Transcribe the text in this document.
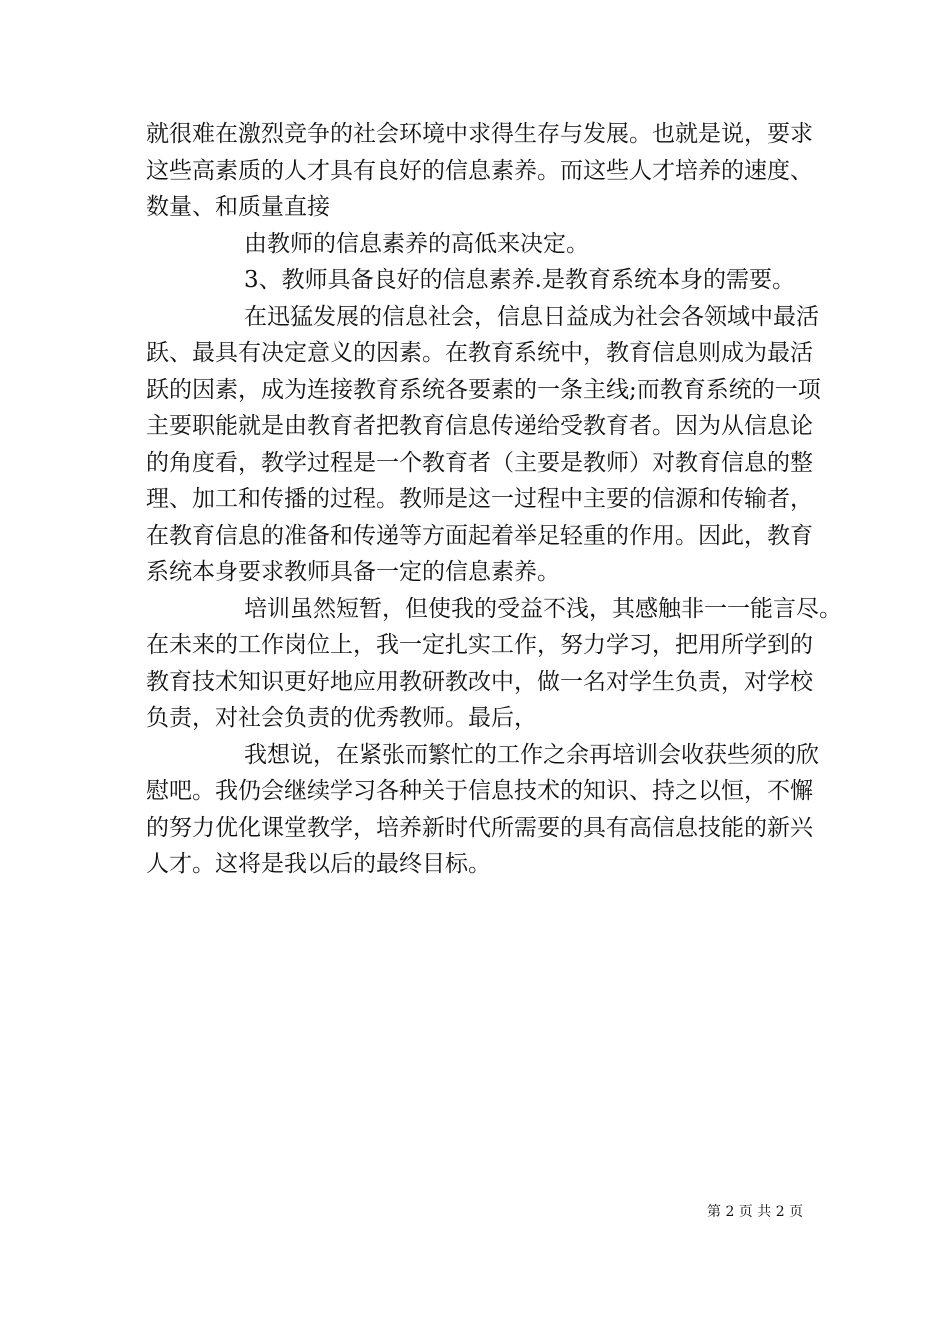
就很难在激烈竞争的社会环境中求得生存与发展。也就是说，要求

这些高素质的人才具有良好的信息素养。而这些人才培养的速度、

数量、和质量直接

由教师的信息素养的高低来决定。

3、教师具备良好的信息素养.是教育系统本身的需要。

在迅猛发展的信息社会，信息日益成为社会各领域中最活

跃、最具有决定意义的因素。在教育系统中，教育信息则成为最活

跃的因素，成为连接教育系统各要素的一条主线;而教育系统的一项

主要职能就是由教育者把教育信息传递给受教育者。因为从信息论

的角度看，教学过程是一个教育者（主要是教师）对教育信息的整

理、加工和传播的过程。教师是这一过程中主要的信源和传输者，

在教育信息的准备和传递等方面起着举足轻重的作用。因此，教育

系统本身要求教师具备一定的信息素养。

培训虽然短暂，但使我的受益不浅，其感触非一一能言尽。

在未来的工作岗位上，我一定扎实工作，努力学习，把用所学到的

教育技术知识更好地应用教研教改中，做一名对学生负责，对学校

负责，对社会负责的优秀教师。最后，

我想说，在紧张而繁忙的工作之余再培训会收获些须的欣

慰吧。我仍会继续学习各种关于信息技术的知识、持之以恒，不懈

的努力优化课堂教学，培养新时代所需要的具有高信息技能的新兴

人才。这将是我以后的最终目标。

第 2 页 共 2 页
